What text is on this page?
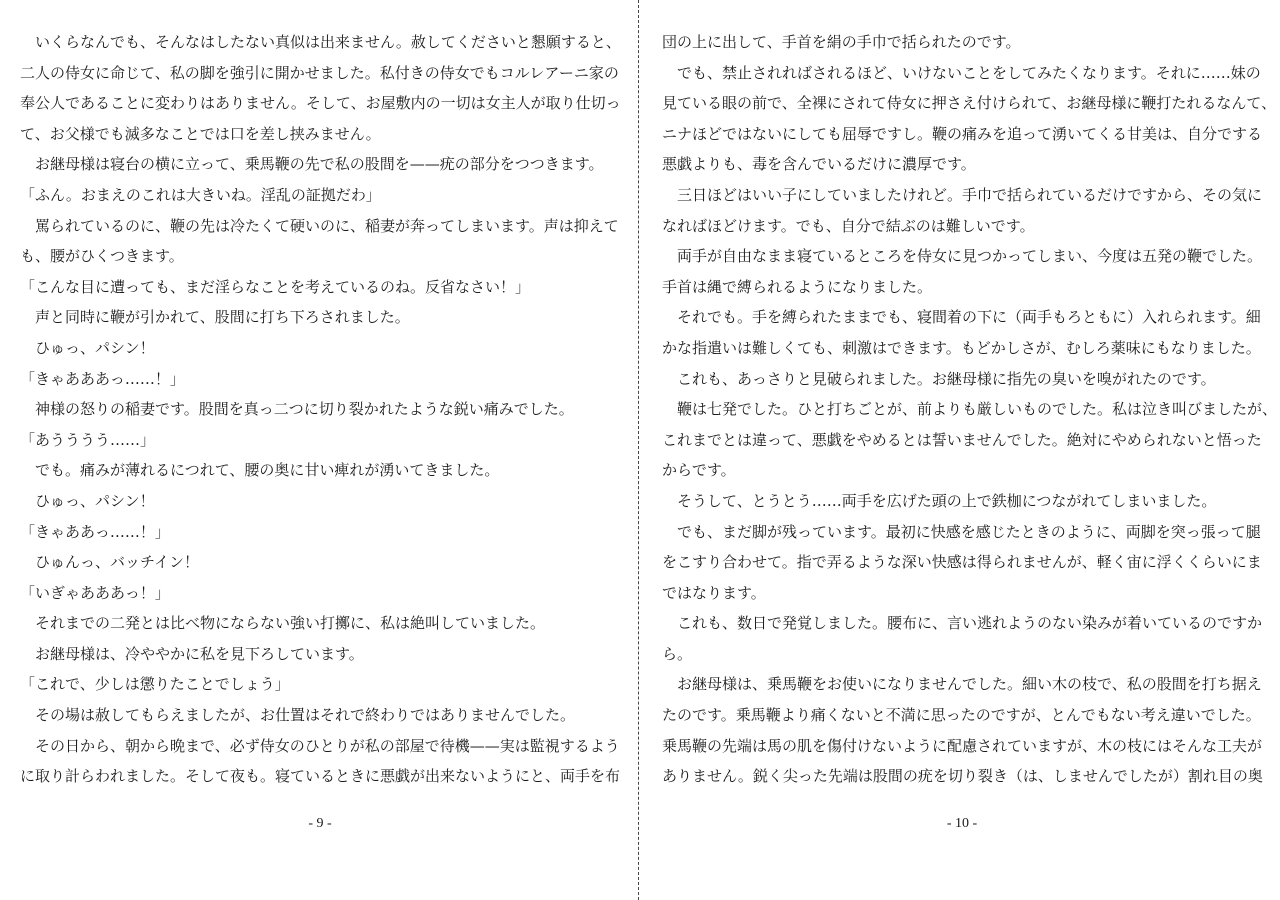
　いくらなんでも、そんなはしたない真似は出来ません。赦してくださいと懇願すると、
二人の侍女に命じて、私の脚を強引に開かせました。私付きの侍女でもコルレアーニ家の
奉公人であることに変わりはありません。そして、お屋敷内の一切は女主人が取り仕切っ
て、お父様でも滅多なことでは口を差し挟みません。
　お継母様は寝台の横に立って、乗馬鞭の先で私の股間を——疣の部分をつつきます。
「ふん。おまえのこれは大きいね。淫乱の証拠だわ」
　罵られているのに、鞭の先は冷たくて硬いのに、稲妻が奔ってしまいます。声は抑えて
も、腰がひくつきます。
「こんな目に遭っても、まだ淫らなことを考えているのね。反省なさい！」
　声と同時に鞭が引かれて、股間に打ち下ろされました。
　ひゅっ、パシン！
「きゃあああっ……！」
　神様の怒りの稲妻です。股間を真っ二つに切り裂かれたような鋭い痛みでした。
「あうううう……」
　でも。痛みが薄れるにつれて、腰の奥に甘い痺れが湧いてきました。
　ひゅっ、パシン！
「きゃああっ……！」
　ひゅんっ、バッチイン！
「いぎゃあああっ！」
　それまでの二発とは比べ物にならない強い打擲に、私は絶叫していました。
　お継母様は、冷ややかに私を見下ろしています。
「これで、少しは懲りたことでしょう」
　その場は赦してもらえましたが、お仕置はそれで終わりではありませんでした。
　その日から、朝から晩まで、必ず侍女のひとりが私の部屋で待機——実は監視するよう
に取り計らわれました。そして夜も。寝ているときに悪戯が出来ないようにと、両手を布
- 9 -
団の上に出して、手首を絹の手巾で括られたのです。
　でも、禁止されればされるほど、いけないことをしてみたくなります。それに……妹の
見ている眼の前で、全裸にされて侍女に押さえ付けられて、お継母様に鞭打たれるなんて、
ニナほどではないにしても屈辱ですし。鞭の痛みを追って湧いてくる甘美は、自分でする
悪戯よりも、毒を含んでいるだけに濃厚です。
　三日ほどはいい子にしていましたけれど。手巾で括られているだけですから、その気に
なればほどけます。でも、自分で結ぶのは難しいです。
　両手が自由なまま寝ているところを侍女に見つかってしまい、今度は五発の鞭でした。
手首は縄で縛られるようになりました。
　それでも。手を縛られたままでも、寝間着の下に（両手もろともに）入れられます。細
かな指遣いは難しくても、刺激はできます。もどかしさが、むしろ薬味にもなりました。
　これも、あっさりと見破られました。お継母様に指先の臭いを嗅がれたのです。
　鞭は七発でした。ひと打ちごとが、前よりも厳しいものでした。私は泣き叫びましたが、
これまでとは違って、悪戯をやめるとは誓いませんでした。絶対にやめられないと悟った
からです。
　そうして、とうとう……両手を広げた頭の上で鉄枷につながれてしまいました。
　でも、まだ脚が残っています。最初に快感を感じたときのように、両脚を突っ張って腿
をこすり合わせて。指で弄るような深い快感は得られませんが、軽く宙に浮くくらいにま
ではなります。
　これも、数日で発覚しました。腰布に、言い逃れようのない染みが着いているのですか
ら。
　お継母様は、乗馬鞭をお使いになりませんでした。細い木の枝で、私の股間を打ち据え
たのです。乗馬鞭より痛くないと不満に思ったのですが、とんでもない考え違いでした。
乗馬鞭の先端は馬の肌を傷付けないように配慮されていますが、木の枝にはそんな工夫が
ありません。鋭く尖った先端は股間の疣を切り裂き（は、しませんでしたが）割れ目の奥
- 10 -
